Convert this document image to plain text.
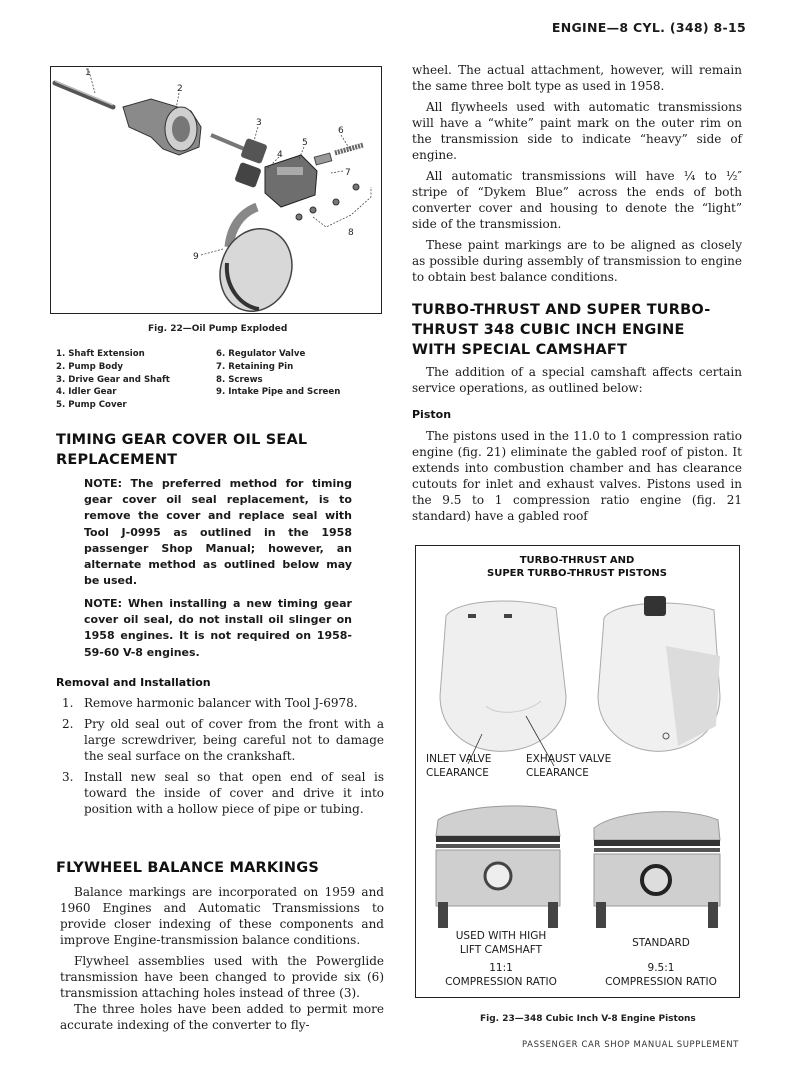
ENGINE—8 CYL. (348) 8-15
1
2
3
4
5
6
7
8
9
Fig. 22—Oil Pump Exploded
1. Shaft Extension
2. Pump Body
3. Drive Gear and Shaft
4. Idler Gear
5. Pump Cover
6. Regulator Valve
7. Retaining Pin
8. Screws
9. Intake Pipe and Screen
TIMING GEAR COVER OIL SEAL
REPLACEMENT
NOTE: The preferred method for timing gear cover oil seal replacement, is to remove the cover and replace seal with Tool J-0995 as outlined in the 1958 passenger Shop Manual; however, an alternate method as outlined below may be used.
NOTE: When installing a new timing gear cover oil seal, do not install oil slinger on 1958 engines. It is not required on 1958-59-60 V-8 engines.
Removal and Installation
1. Remove harmonic balancer with Tool J-6978.
2. Pry old seal out of cover from the front with a large screwdriver, being careful not to damage the seal surface on the crankshaft.
3. Install new seal so that open end of seal is toward the inside of cover and drive it into position with a hollow piece of pipe or tubing.
FLYWHEEL BALANCE MARKINGS

Balance markings are incorporated on 1959 and 1960 Engines and Automatic Transmissions to provide closer indexing of these components and improve Engine-transmission balance conditions.

Flywheel assemblies used with the Powerglide transmission have been changed to provide six (6) transmission attaching holes instead of three (3).

The three holes have been added to permit more accurate indexing of the converter to fly-

wheel. The actual attachment, however, will remain the same three bolt type as used in 1958.

All flywheels used with automatic transmissions will have a “white” paint mark on the outer rim on the transmission side to indicate “heavy” side of engine.

All automatic transmissions will have ¼ to ½″ stripe of “Dykem Blue” across the ends of both converter cover and housing to denote the “light” side of the transmission.

These paint markings are to be aligned as closely as possible during assembly of transmission to engine to obtain best balance conditions.

TURBO-THRUST AND SUPER TURBO-
THRUST 348 CUBIC INCH ENGINE
WITH SPECIAL CAMSHAFT

The addition of a special camshaft affects certain service operations, as outlined below:

Piston

The pistons used in the 11.0 to 1 compression ratio engine (fig. 21) eliminate the gabled roof of piston. It extends into combustion chamber and has clearance cutouts for inlet and exhaust valves. Pistons used in the 9.5 to 1 compression ratio engine (fig. 21 standard) have a gabled roof

TURBO-THRUST AND
SUPER TURBO-THRUST PISTONS
INLET VALVE
CLEARANCE
EXHAUST VALVE
CLEARANCE
USED WITH HIGH
LIFT CAMSHAFT
11:1
COMPRESSION RATIO
STANDARD
9.5:1
COMPRESSION RATIO
Fig. 23—348 Cubic Inch V-8 Engine Pistons
PASSENGER CAR SHOP MANUAL SUPPLEMENT
